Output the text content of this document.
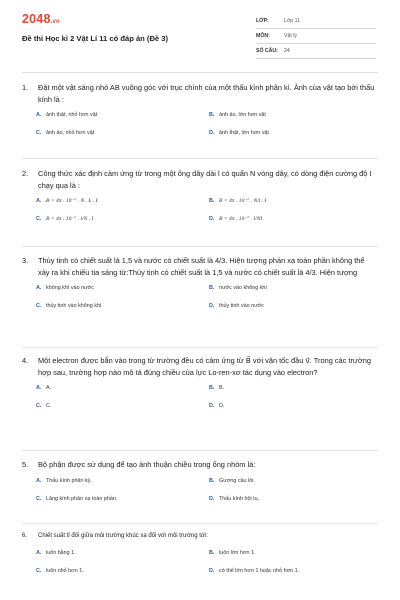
2048.vn
Đề thi Học kì 2 Vật Lí 11 có đáp án (Đề 3)
LỚP:	Lớp 11
MÔN:	Vật lý
SỐ CÂU:	24
1.	Đặt một vật sáng nhỏ AB vuông góc với trục chính của một thấu kính phân kì. Ảnh của vật tạo bởi thấu kính là :
A. ảnh thật, nhỏ hơn vật	B. ảnh ảo, lớn hơn vật
C. ảnh ảo, nhỏ hơn vật	D. ảnh thật, lớn hơn vật
2.	Công thức xác định cảm ứng từ trong một ống dây dài l có quấn N vòng dây, có dòng điện cường độ I chạy qua là :
A. B = 4π . 10⁻⁷ . N . L . I	B. B = 4π . 10⁻⁷ . N/l . I
C. B = 4π . 10⁻⁷ . l/N . I	D. B = 4π . 10⁻⁷ . l/NI
3.	Thủy tinh có chiết suất là 1,5 và nước có chiết suất là 4/3. Hiện tượng phản xạ toàn phần không thể xảy ra khi chiếu tia sáng từ:Thủy tinh có chiết suất là 1,5 và nước có chiết suất là 4/3. Hiện tượng
A. không khí vào nước	B. nước vào không khí
C. thủy tinh vào không khí	D. thủy tinh vào nước
4.	Một electron được bắn vào trong từ trường đều có cảm ứng từ B⃗ với vận tốc đầu v⃗. Trong các trường hợp sau, trường hợp nào mô tả đúng chiều của lực Lo-ren-xơ tác dụng vào electron?
A. A.	B. B.
C. C.	D. D.
5.	Bộ phận được sử dụng để tạo ảnh thuận chiều trong ống nhòm là:
A. Thấu kính phân kỳ.	B. Gương cầu lồi.
C. Lăng kính phản xạ toàn phần.	D. Thấu kính hội tụ.
6.	Chiết suất tỉ đối giữa môi trường khúc xạ đối với môi trường tới:
A. luôn bằng 1.	B. luôn lớn hơn 1.
C. luôn nhỏ hơn 1.	D. có thể lớn hơn 1 hoặc nhỏ hơn 1.
